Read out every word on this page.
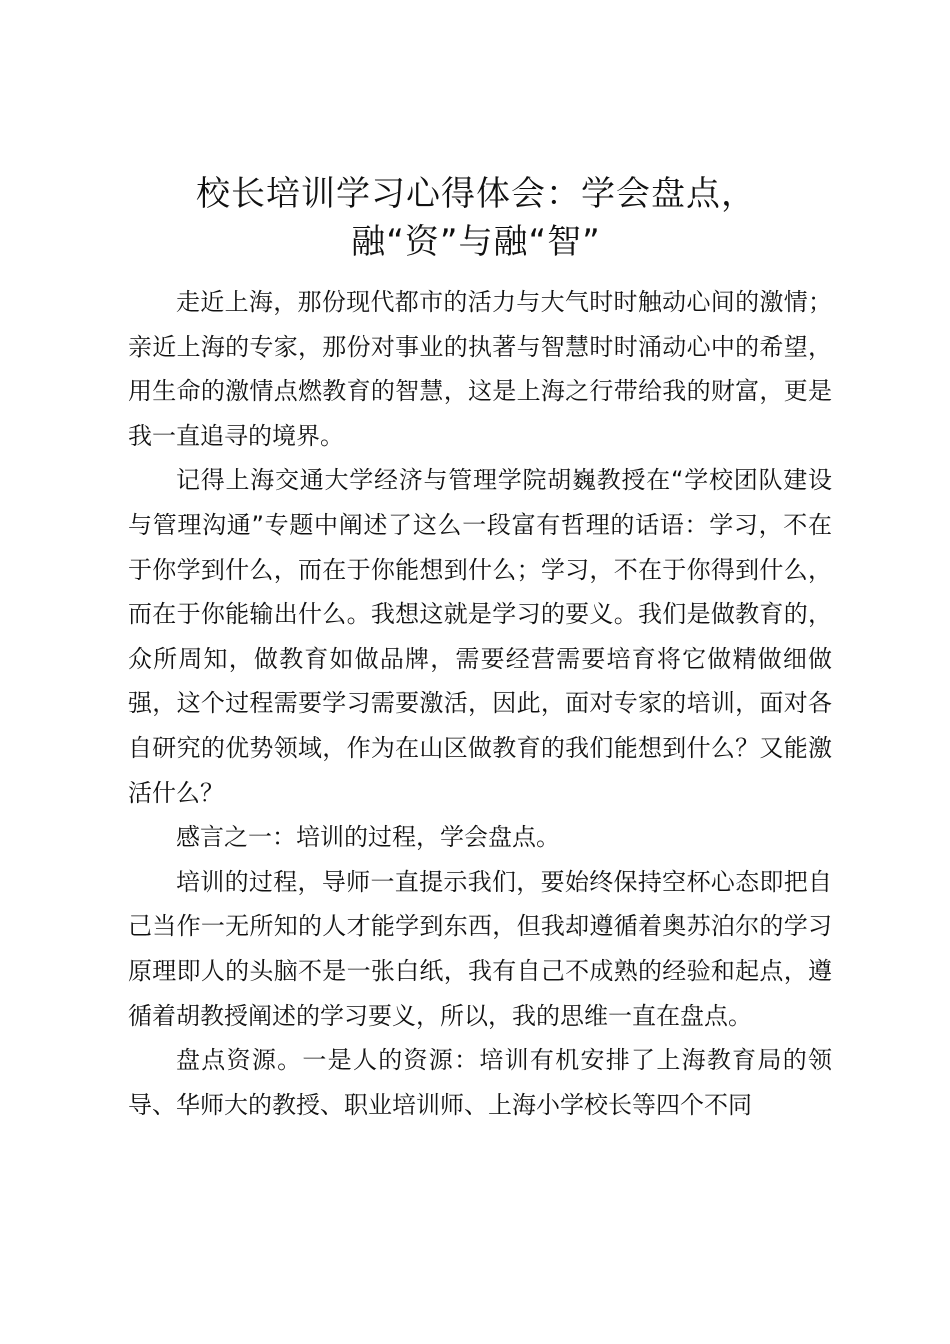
校长培训学习心得体会：学会盘点， 融“资”与融“智”

走近上海，那份现代都市的活力与大气时时触动心间的激情；亲近上海的专家，那份对事业的执著与智慧时时涌动心中的希望，用生命的激情点燃教育的智慧，这是上海之行带给我的财富，更是我一直追寻的境界。

记得上海交通大学经济与管理学院胡巍教授在“学校团队建设与管理沟通”专题中阐述了这么一段富有哲理的话语：学习，不在于你学到什么，而在于你能想到什么；学习，不在于你得到什么，而在于你能输出什么。我想这就是学习的要义。我们是做教育的，众所周知，做教育如做品牌，需要经营需要培育将它做精做细做强，这个过程需要学习需要激活，因此，面对专家的培训，面对各自研究的优势领域，作为在山区做教育的我们能想到什么？又能激活什么？

感言之一：培训的过程，学会盘点。

培训的过程，导师一直提示我们，要始终保持空杯心态即把自己当作一无所知的人才能学到东西，但我却遵循着奥苏泊尔的学习原理即人的头脑不是一张白纸，我有自己不成熟的经验和起点，遵循着胡教授阐述的学习要义，所以，我的思维一直在盘点。

盘点资源。一是人的资源：培训有机安排了上海教育局的领导、华师大的教授、职业培训师、上海小学校长等四个不同
